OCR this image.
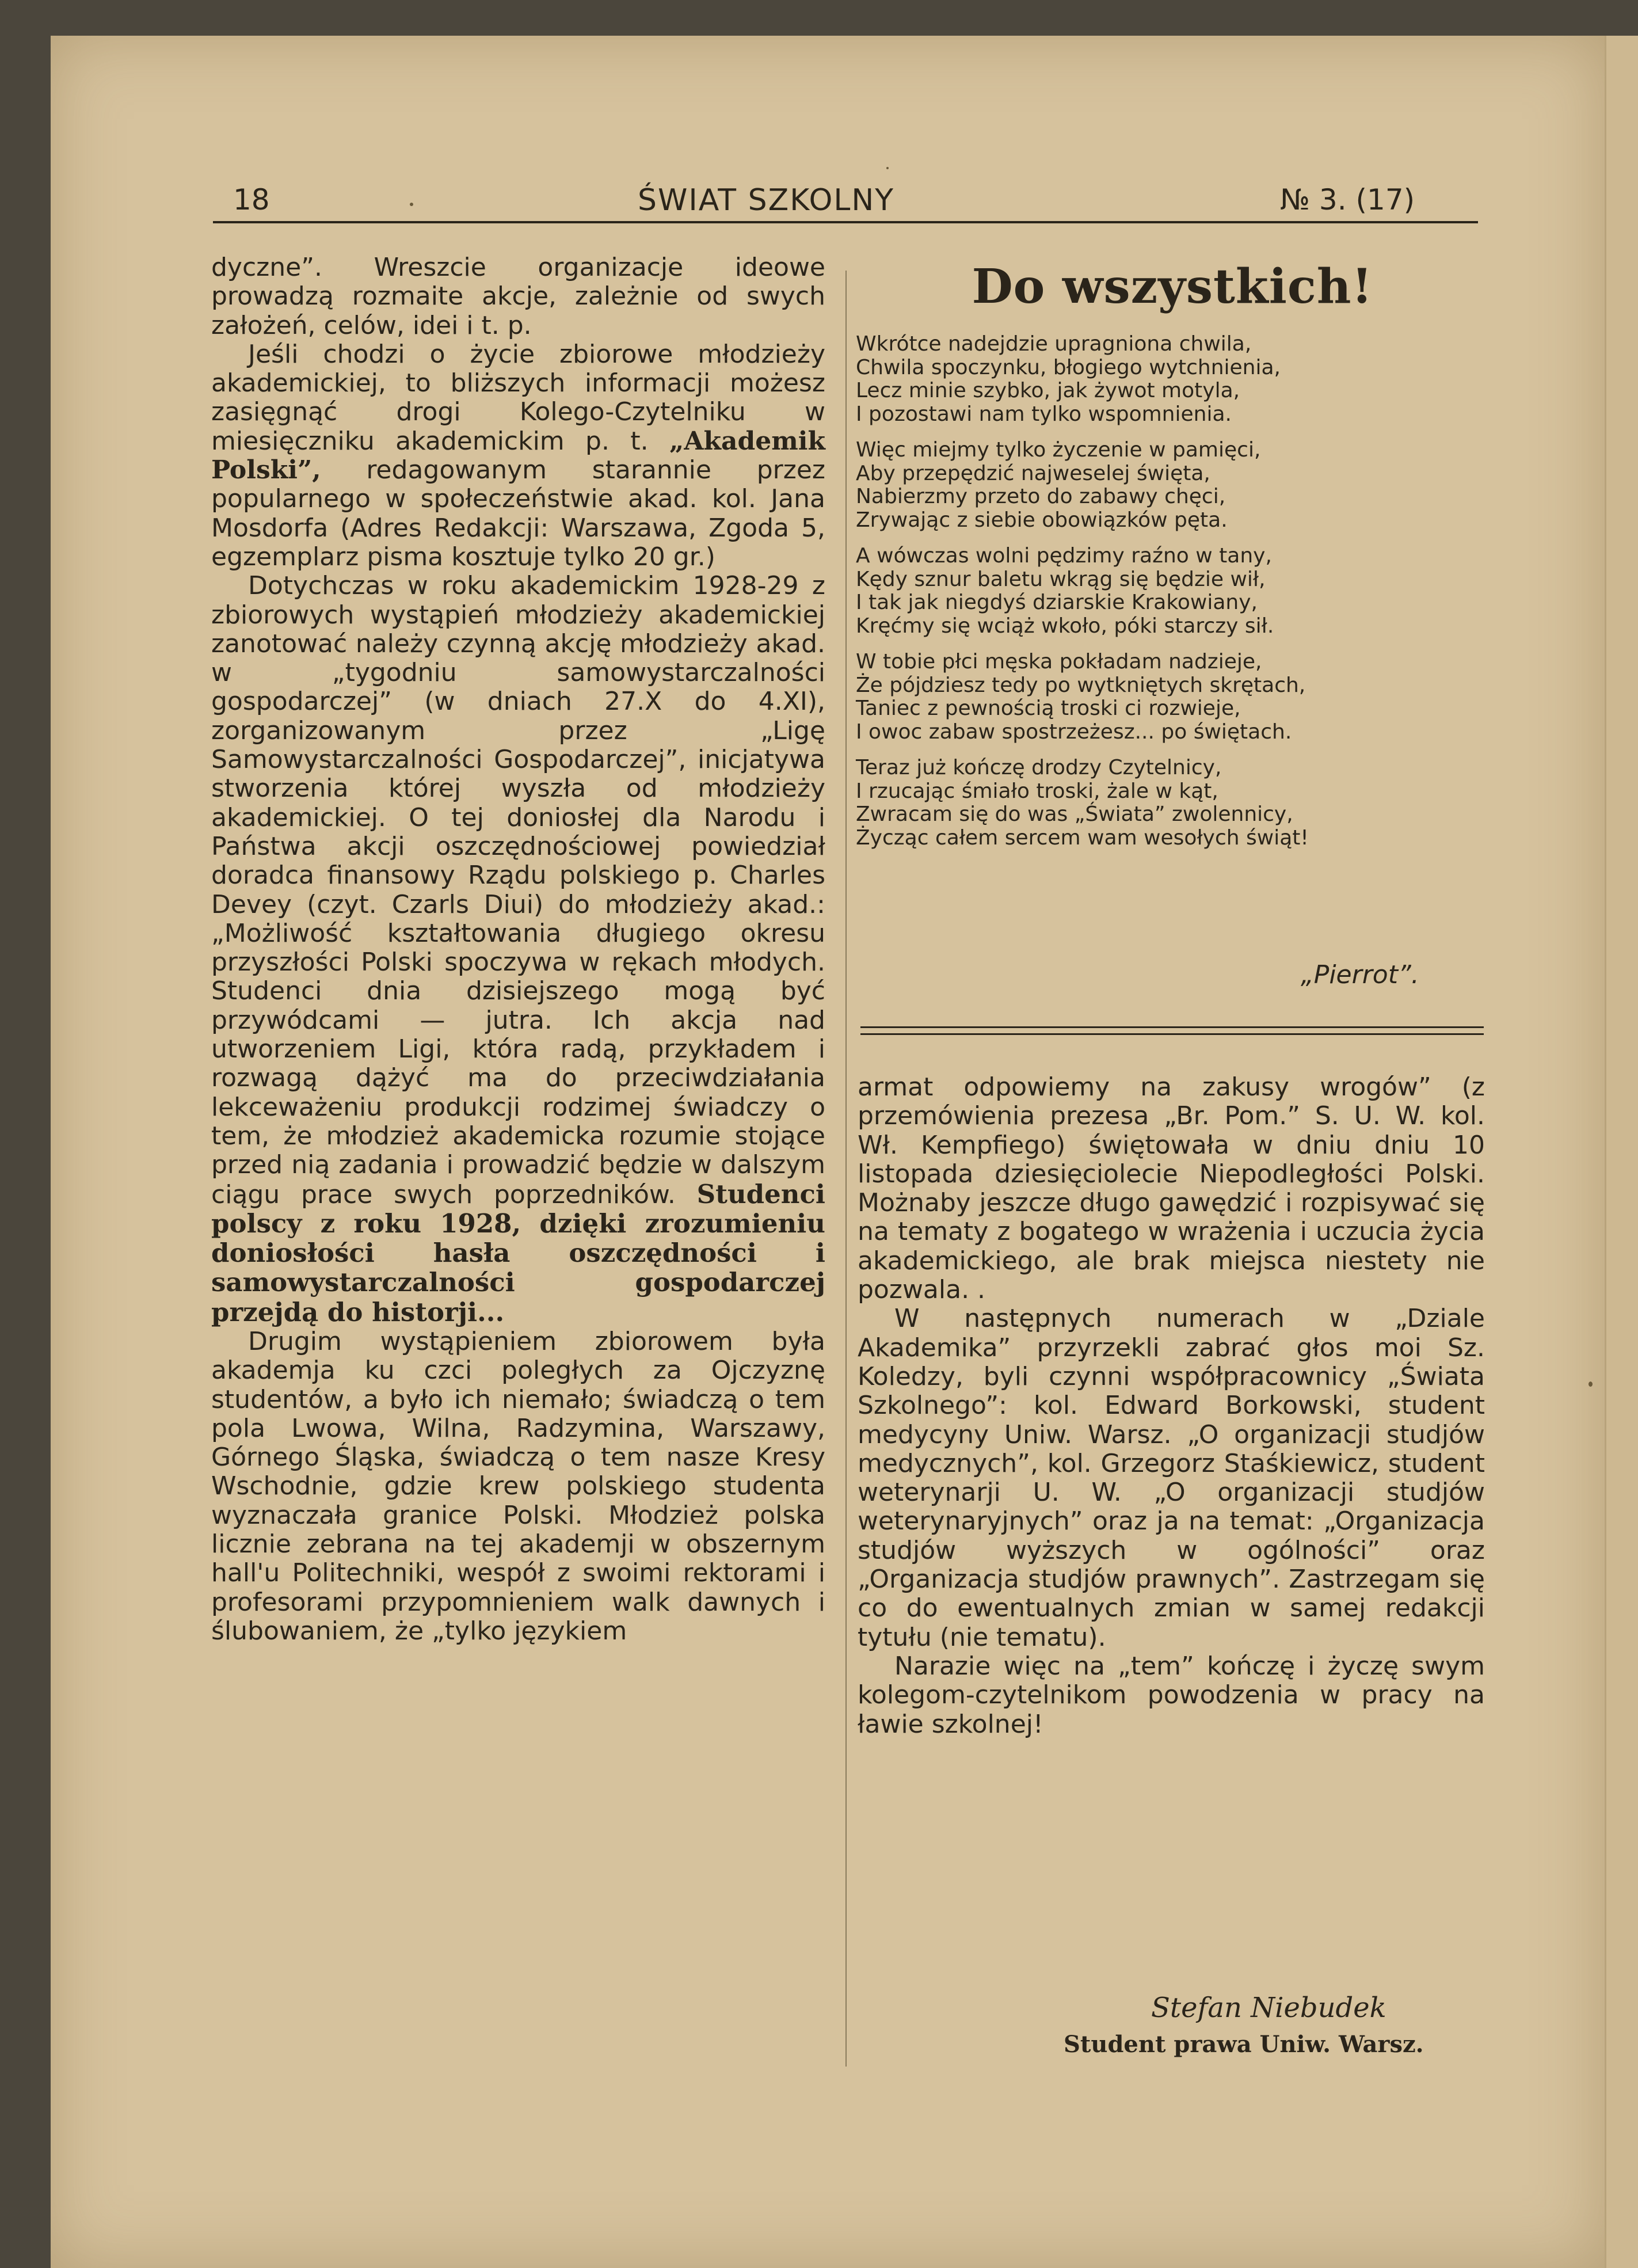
18	ŚWIAT SZKOLNY	№ 3. (17)

dyczne”. Wreszcie organizacje ideowe prowadzą rozmaite akcje, zależnie od swych założeń, celów, idei i t. p.

Jeśli chodzi o życie zbiorowe młodzieży akademickiej, to bliższych informacji możesz zasięgnąć drogi Kolego-Czytelniku w miesięczniku akademickim p. t. „Akademik Polski”, redagowanym starannie przez popularnego w społeczeństwie akad. kol. Jana Mosdorfa (Adres Redakcji: Warszawa, Zgoda 5, egzemplarz pisma kosztuje tylko 20 gr.)

Dotychczas w roku akademickim 1928-29 z zbiorowych wystąpień młodzieży akademickiej zanotować należy czynną akcję młodzieży akad. w „tygodniu samowystarczalności gospodarczej” (w dniach 27.X do 4.XI), zorganizowanym przez „Ligę Samowystarczalności Gospodarczej”, inicjatywa stworzenia której wyszła od młodzieży akademickiej. O tej doniosłej dla Narodu i Państwa akcji oszczędnościowej powiedział doradca finansowy Rządu polskiego p. Charles Devey (czyt. Czarls Diui) do młodzieży akad.: „Możliwość kształtowania długiego okresu przyszłości Polski spoczywa w rękach młodych. Studenci dnia dzisiejszego mogą być przywódcami — jutra. Ich akcja nad utworzeniem Ligi, która radą, przykładem i rozwagą dążyć ma do przeciwdziałania lekceważeniu produkcji rodzimej świadczy o tem, że młodzież akademicka rozumie stojące przed nią zadania i prowadzić będzie w dalszym ciągu prace swych poprzedników. Studenci polscy z roku 1928, dzięki zrozumieniu doniosłości hasła oszczędności i samowystarczalności gospodarczej przejdą do historji...

Drugim wystąpieniem zbiorowem była akademja ku czci poległych za Ojczyznę studentów, a było ich niemało; świadczą o tem pola Lwowa, Wilna, Radzymina, Warszawy, Górnego Śląska, świadczą o tem nasze Kresy Wschodnie, gdzie krew polskiego studenta wyznaczała granice Polski. Młodzież polska licznie zebrana na tej akademji w obszernym hall'u Politechniki, wespół z swoimi rektorami i profesorami przypomnieniem walk dawnych i ślubowaniem, że „tylko językiem

Do wszystkich!
Wkrótce nadejdzie upragniona chwila,
Chwila spoczynku, błogiego wytchnienia,
Lecz minie szybko, jak żywot motyla,
I pozostawi nam tylko wspomnienia.
Więc miejmy tylko życzenie w pamięci,
Aby przepędzić najweselej święta,
Nabierzmy przeto do zabawy chęci,
Zrywając z siebie obowiązków pęta.
A wówczas wolni pędzimy raźno w tany,
Kędy sznur baletu wkrąg się będzie wił,
I tak jak niegdyś dziarskie Krakowiany,
Kręćmy się wciąż wkoło, póki starczy sił.
W tobie płci męska pokładam nadzieje,
Że pójdziesz tedy po wytkniętych skrętach,
Taniec z pewnością troski ci rozwieje,
I owoc zabaw spostrzeżesz... po świętach.
Teraz już kończę drodzy Czytelnicy,
I rzucając śmiało troski, żale w kąt,
Zwracam się do was „Świata” zwolennicy,
Życząc całem sercem wam wesołych świąt!
„Pierrot”.

armat odpowiemy na zakusy wrogów” (z przemówienia prezesa „Br. Pom.” S. U. W. kol. Wł. Kempfiego) świętowała w dniu dniu 10 listopada dziesięciolecie Niepodległości Polski. Możnaby jeszcze długo gawędzić i rozpisywać się na tematy z bogatego w wrażenia i uczucia życia akademickiego, ale brak miejsca niestety nie pozwala. .

W następnych numerach w „Dziale Akademika” przyrzekli zabrać głos moi Sz. Koledzy, byli czynni współpracownicy „Świata Szkolnego”: kol. Edward Borkowski, student medycyny Uniw. Warsz. „O organizacji studjów medycznych”, kol. Grzegorz Staśkiewicz, student weterynarji U. W. „O organizacji studjów weterynaryjnych” oraz ja na temat: „Organizacja studjów wyższych w ogólności” oraz „Organizacja studjów prawnych”. Zastrzegam się co do ewentualnych zmian w samej redakcji tytułu (nie tematu).

Narazie więc na „tem” kończę i życzę swym kolegom-czytelnikom powodzenia w pracy na ławie szkolnej!

Stefan Niebudek
Student prawa Uniw. Warsz.
